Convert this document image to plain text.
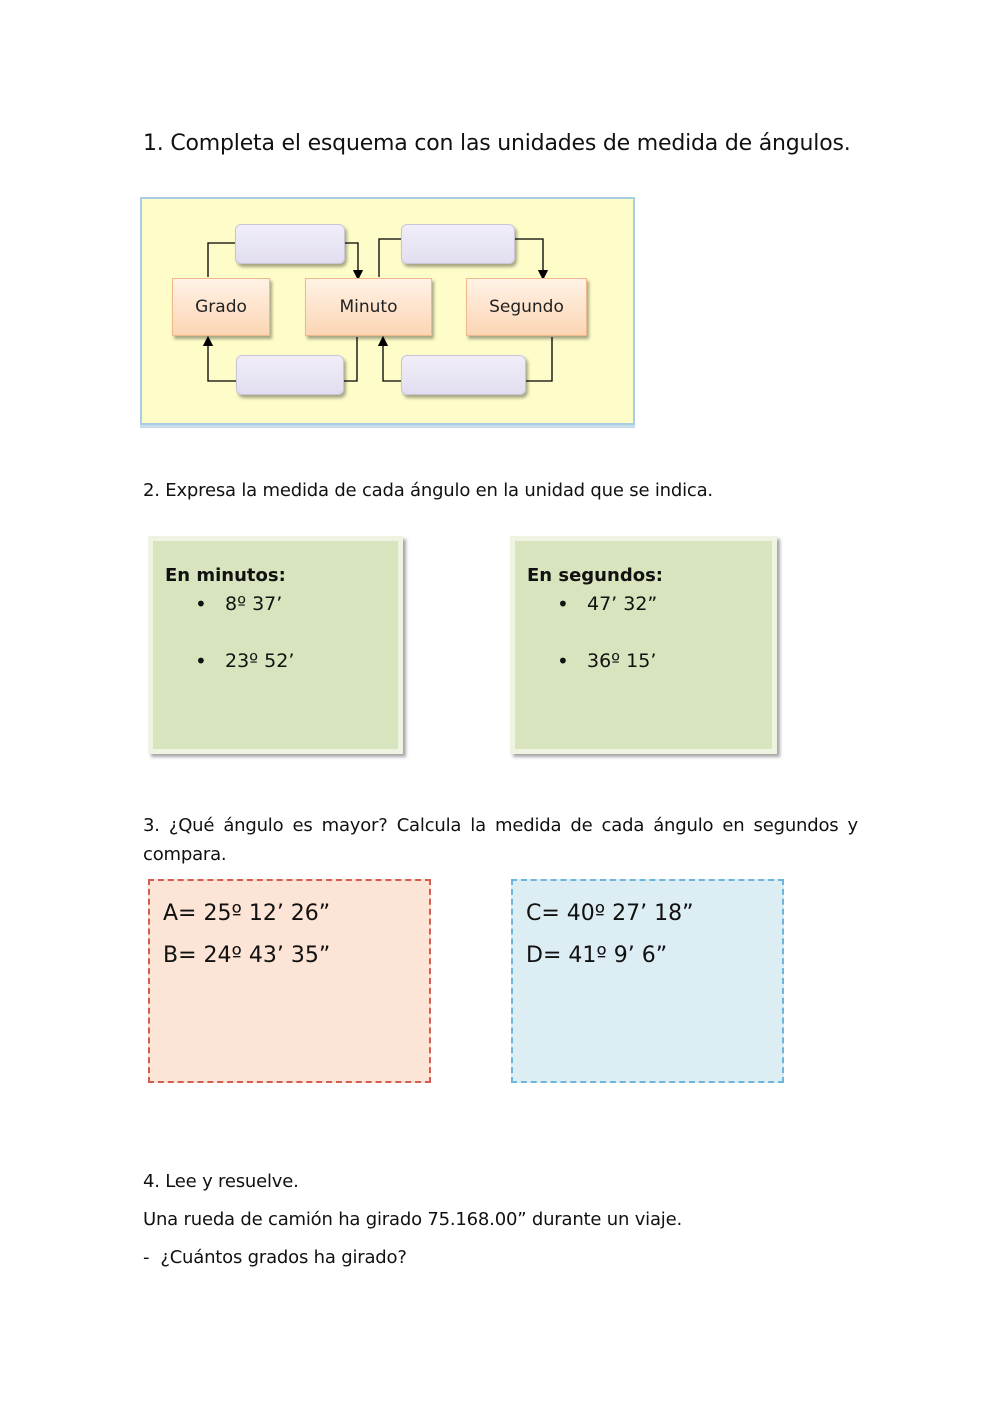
1. Completa el esquema con las unidades de medida de ángulos.
Grado	Minuto	Segundo
2. Expresa la medida de cada ángulo en la unidad que se indica.
En minutos:
• 8º 37’
• 23º 52’
En segundos:
• 47’ 32”
• 36º 15’
3. ¿Qué ángulo es mayor? Calcula la medida de cada ángulo en segundos y compara.
A= 25º 12’ 26”
B= 24º 43’ 35”
C= 40º 27’ 18”
D= 41º 9’ 6”
4. Lee y resuelve.
Una rueda de camión ha girado 75.168.00” durante un viaje.
-  ¿Cuántos grados ha girado?
